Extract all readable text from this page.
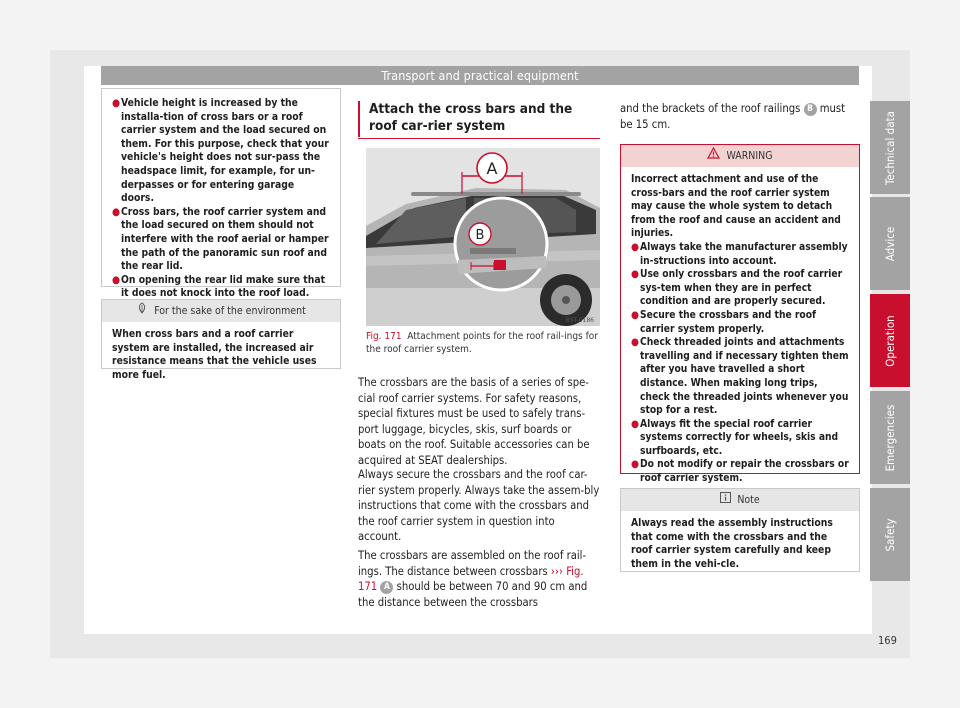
Transport and practical equipment
● Vehicle height is increased by the installa-tion of cross bars or a roof carrier system and the load secured on them. For this purpose, check that your vehicle's height does not sur-pass the headspace limit, for example, for un-derpasses or for entering garage doors.
● Cross bars, the roof carrier system and the load secured on them should not interfere with the roof aerial or hamper the path of the panoramic sun roof and the rear lid.
● On opening the rear lid make sure that it does not knock into the roof load.
For the sake of the environment
When cross bars and a roof carrier system are installed, the increased air resistance means that the vehicle uses more fuel.
Attach the cross bars and the roof car-rier system
A
B
B5T-0186
Fig. 171 Attachment points for the roof rail-ings for the roof carrier system.
The crossbars are the basis of a series of spe-cial roof carrier systems. For safety reasons, special fixtures must be used to safely trans-port luggage, bicycles, skis, surf boards or boats on the roof. Suitable accessories can be acquired at SEAT dealerships.
Always secure the crossbars and the roof car-rier system properly. Always take the assem-bly instructions that come with the crossbars and the roof carrier system in question into account.
The crossbars are assembled on the roof rail-ings. The distance between crossbars ››› Fig. 171 A should be between 70 and 90 cm and the distance between the crossbars
and the brackets of the roof railings B must be 15 cm.
WARNING
Incorrect attachment and use of the cross-bars and the roof carrier system may cause the whole system to detach from the roof and cause an accident and injuries.
● Always take the manufacturer assembly in-structions into account.
● Use only crossbars and the roof carrier sys-tem when they are in perfect condition and are properly secured.
● Secure the crossbars and the roof carrier system properly.
● Check threaded joints and attachments travelling and if necessary tighten them after you have travelled a short distance. When making long trips, check the threaded joints whenever you stop for a rest.
● Always fit the special roof carrier systems correctly for wheels, skis and surfboards, etc.
● Do not modify or repair the crossbars or roof carrier system.
Note
Always read the assembly instructions that come with the crossbars and the roof carrier system carefully and keep them in the vehi-cle.
Technical data
Advice
Operation
Emergencies
Safety
169
